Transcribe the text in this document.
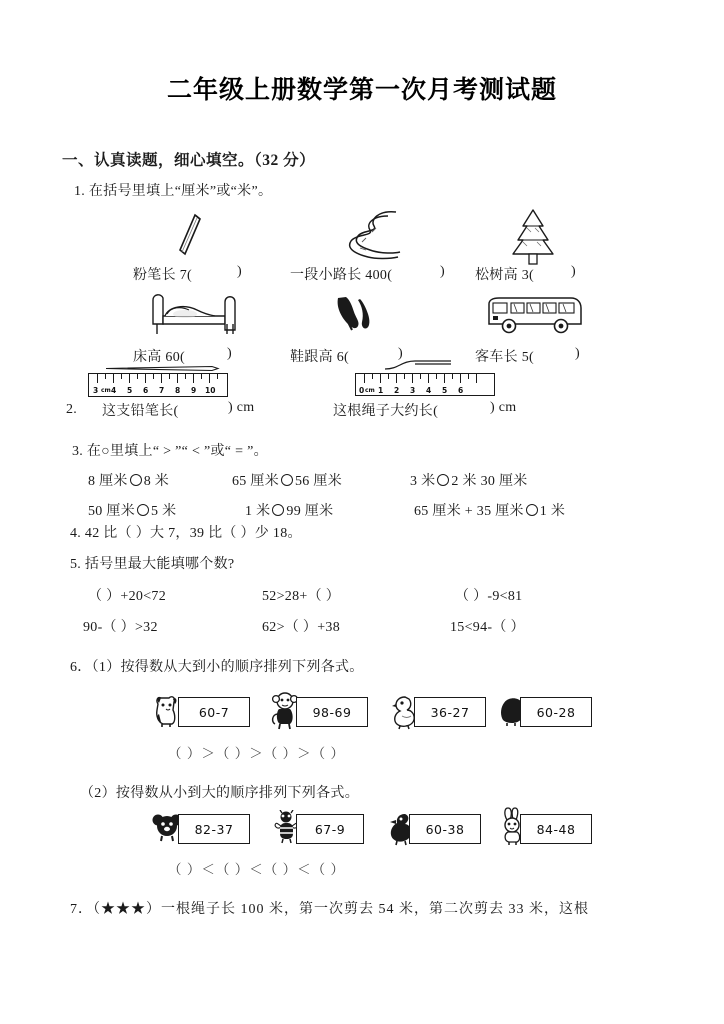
二年级上册数学第一次月考测试题
一、认真读题，细心填空。（32 分）
1. 在括号里填上“厘米”或“米”。
粉笔长 7(	)	一段小路长 400(	) 松树高 3(	)
床高 60(	)	鞋跟高 6(	)	客车长 5(	)
3 cm 4 5 6 7 8 9 10	0 cm 1 2 3 4 5 6
2. 这支铅笔长(	) cm	这根绳子大约长(	) cm
3. 在○里填上“ > ”“ < ”或“ = ”。
8 厘米 8 米	65 厘米 56 厘米	3 米 2 米 30 厘米
50 厘米 5 米	1 米 99 厘米	65 厘米 + 35 厘米 1 米
4. 42 比（ ）大 7，39 比（ ）少 18。
5. 括号里最大能填哪个数?
（ ）+20<72	52>28+（ ）	（ ）-9<81
90-（ ）>32	62>（ ）+38	15<94-（ ）
6．（1）按得数从大到小的顺序排列下列各式。
60-7	98-69	36-27	60-28
（ ）＞（ ）＞（ ）＞（ ）
（2）按得数从小到大的顺序排列下列各式。
82-37	67-9	60-38	84-48
（ ）＜（ ）＜（ ）＜（ ）
7．（★★★）一根绳子长 100 米，第一次剪去 54 米，第二次剪去 33 米，这根
